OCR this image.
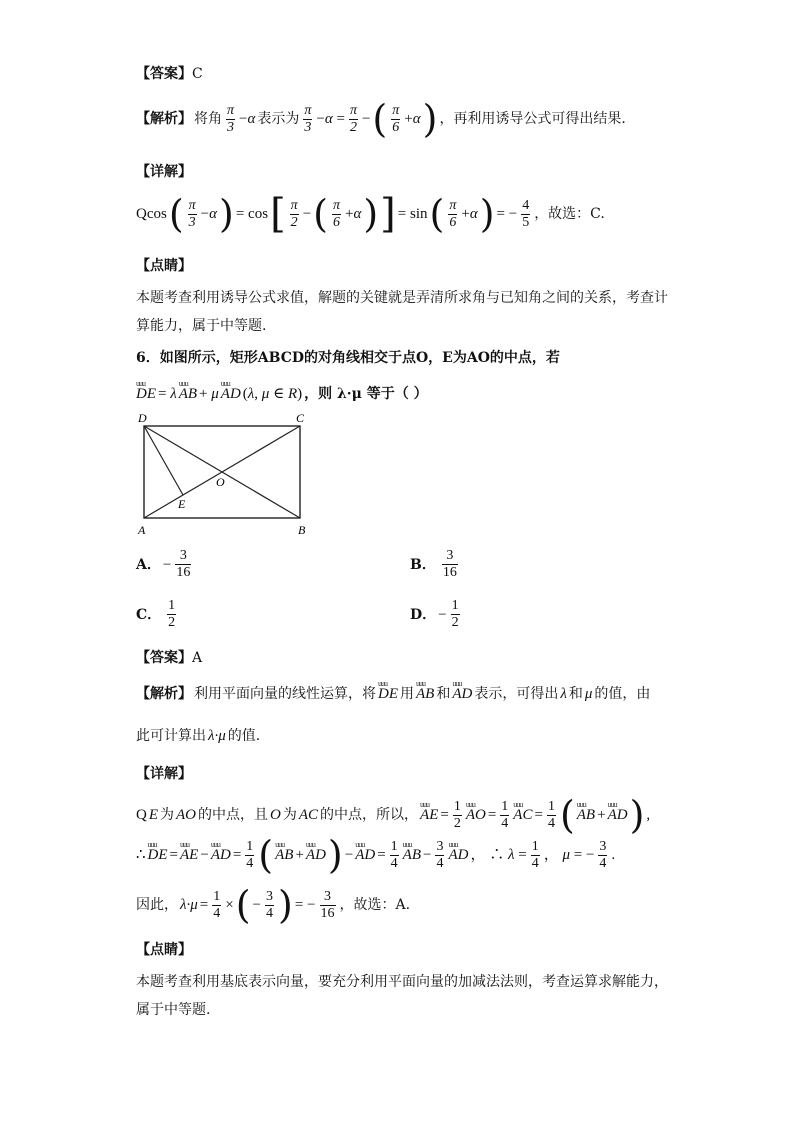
【答案】C
【解析】 将角 $\frac{\pi}{3} -\alpha$ 表示为 $\frac{\pi}{3} -\alpha = \frac{\pi}{2}$ − ( $\frac{\pi}{6} +\alpha$ ) ，再利用诱导公式可得出结果.
【详解】
Qcos ( $\frac{\pi}{3} -\alpha$ ) = cos [ $\frac{\pi}{2}$ − ( $\frac{\pi}{6} +\alpha$ ) ] = sin ( $\frac{\pi}{6} +\alpha$ ) = − $\frac{4}{5}$ ，故选：C.
【点睛】
本题考查利用诱导公式求值，解题的关键就是弄清所求角与已知角之间的关系，考查计
算能力，属于中等题.
6．如图所示，矩形ABCD的对角线相交于点O，E为AO的中点，若
uuu DE = λ uuu AB + μ uuu AD (λ, μ ∈ R) ，则 λ·μ 等于（ ）
D	C
A	B
O
E
A． − $\frac{3}{16}$	B． $\frac{3}{16}$
C． $\frac{1}{2}$	D． − $\frac{1}{2}$
【答案】A
【解析】 利用平面向量的线性运算，将 uuu DE 用 uuu AB 和 uuu AD 表示，可得出 λ 和 μ 的值，由
此可计算出 λ·μ 的值.
【详解】
Q E 为 AO 的中点，且 O 为 AC 的中点，所以， uuu AE = $\frac{1}{2}$ uuu AO = $\frac{1}{4}$ uuu AC = $\frac{1}{4}$ ( uuu AB + uuu AD ) ,
∴ uuu DE = uuu AE − uuu AD = $\frac{1}{4}$ ( uuu AB + uuu AD ) − uuu AD = $\frac{1}{4}$ uuu AB − $\frac{3}{4}$ uuu AD ， ∴ $\lambda = \frac{1}{4}$ ， μ = − $\frac{3}{4}$ .
因此， $\lambda\cdot\mu = \frac{1}{4}$ × ( − $\frac{3}{4}$ ) = − $\frac{3}{16}$ ，故选：A.
【点睛】
本题考查利用基底表示向量，要充分利用平面向量的加减法法则，考查运算求解能力，
属于中等题.
